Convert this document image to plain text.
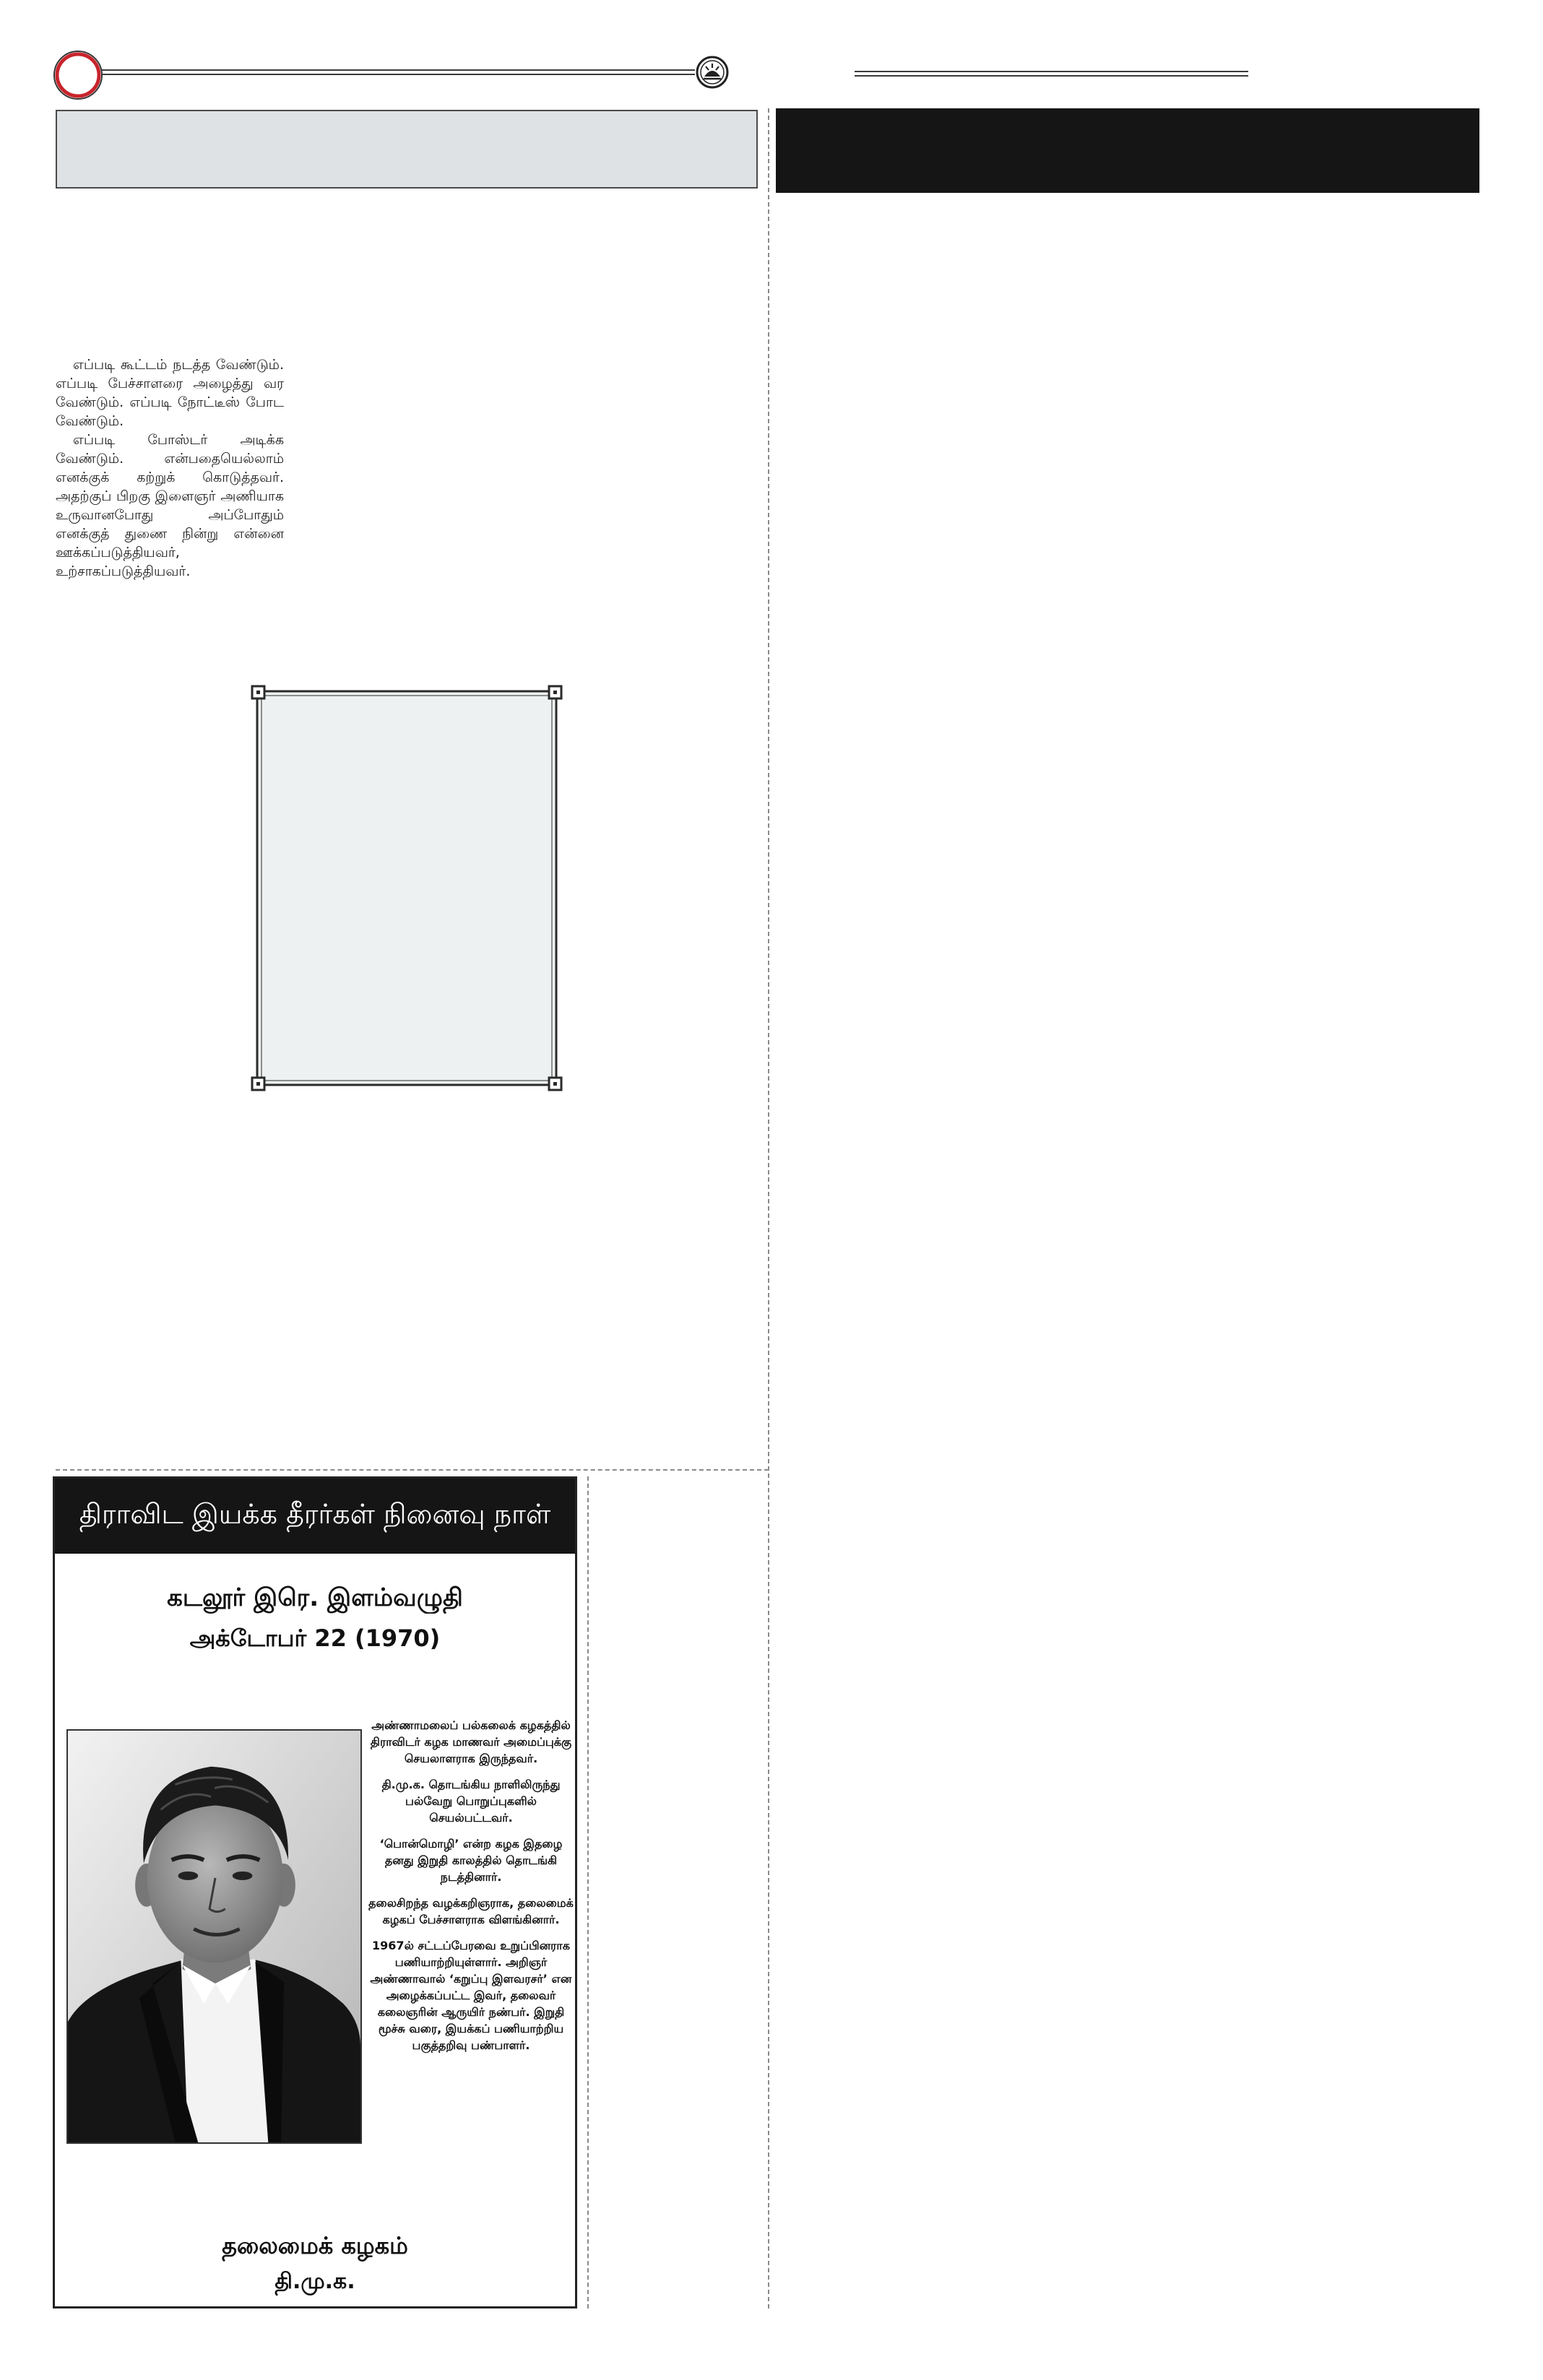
எப்படி கூட்டம் நடத்த வேண்டும். எப்படி பேச்சாளரை அழைத்து வர வேண்டும். எப்படி நோட்டீஸ் போட வேண்டும்.

எப்படி போஸ்டர் அடிக்க வேண்டும். என்பதையெல்லாம் எனக்குக் கற்றுக் கொடுத்தவர். அதற்குப் பிறகு இளைஞர் அணியாக உருவானபோது அப்போதும் எனக்குத் துணை நின்று என்னை ஊக்கப்படுத்தியவர், உற்சாகப்படுத்தியவர்.

திராவிட இயக்க தீரர்கள் நினைவு நாள்
கடலூர் இரெ. இளம்வழுதி
அக்டோபர் 22 (1970)

அண்ணாமலைப் பல்கலைக் கழகத்தில் திராவிடர் கழக மாணவர் அமைப்புக்கு செயலாளராக இருந்தவர்.

தி.மு.க. தொடங்கிய நாளிலிருந்து பல்வேறு பொறுப்புகளில் செயல்பட்டவர்.

‘பொன்மொழி’ என்ற கழக இதழை தனது இறுதி காலத்தில் தொடங்கி நடத்தினார்.

தலைசிறந்த வழக்கறிஞராக, தலைமைக் கழகப் பேச்சாளராக விளங்கினார்.

1967ல் சட்டப்பேரவை உறுப்பினராக பணியாற்றியுள்ளார். அறிஞர் அண்ணாவால் ‘கறுப்பு இளவரசர்’ என அழைக்கப்பட்ட இவர், தலைவர் கலைஞரின் ஆருயிர் நண்பர். இறுதி மூச்சு வரை, இயக்கப் பணியாற்றிய பகுத்தறிவு பண்பாளர்.

தலைமைக் கழகம்
தி.மு.க.
